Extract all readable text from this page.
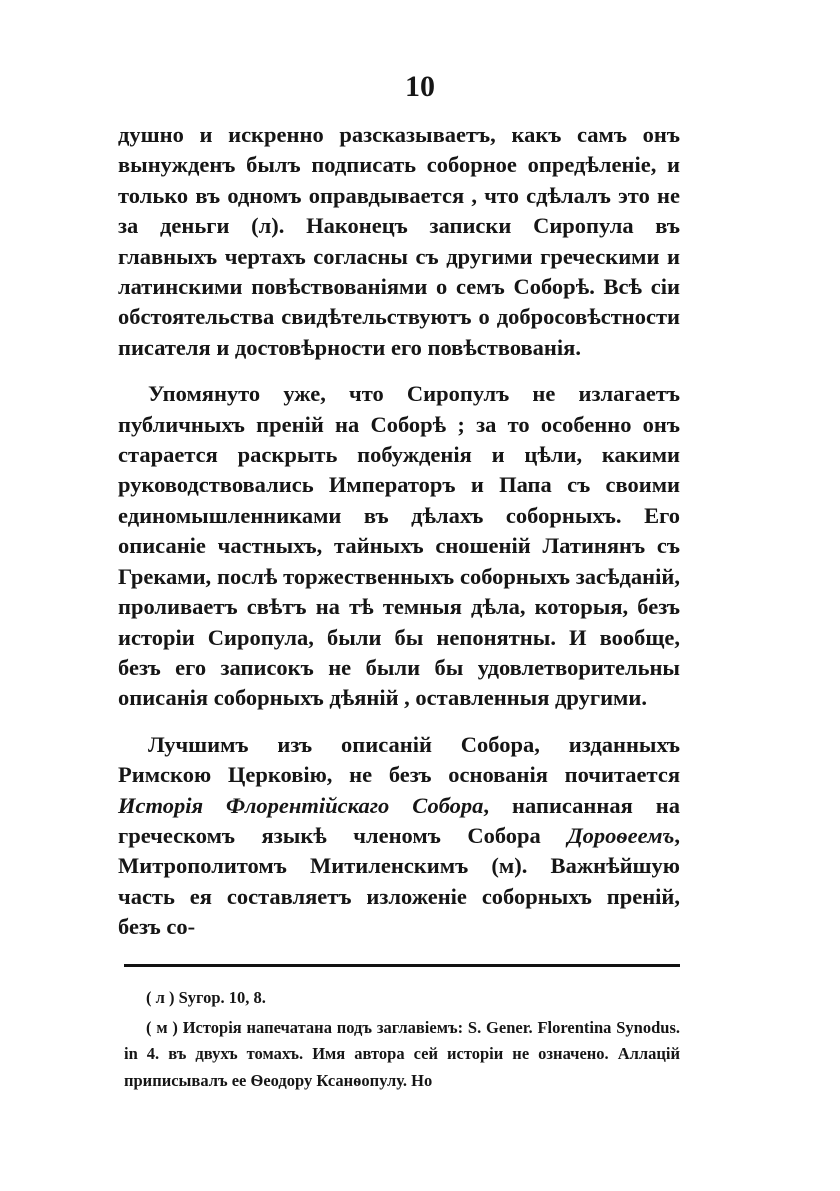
10

душно и искренно разсказываетъ, какъ самъ онъ вынужденъ былъ подписать соборное опредѣленіе, и только въ одномъ оправдывается , что сдѣлалъ это не за деньги (л). Наконецъ записки Сиропула въ главныхъ чертахъ согласны съ другими греческими и латинскими повѣствованіями о семъ Соборѣ. Всѣ сіи обстоятельства свидѣтельствуютъ о добросовѣстности писателя и достовѣрности его повѣствованія.

Упомянуто уже, что Сиропулъ не излагаетъ публичныхъ преній на Соборѣ ; за то особенно онъ старается раскрыть побужденія и цѣли, какими руководствовались Императоръ и Папа съ своими единомышленниками въ дѣлахъ соборныхъ. Его описаніе частныхъ, тайныхъ сношеній Латинянъ съ Греками, послѣ торжественныхъ соборныхъ засѣданій, проливаетъ свѣтъ на тѣ темныя дѣла, которыя, безъ исторіи Сиропула, были бы непонятны. И вообще, безъ его записокъ не были бы удовлетворительны описанія соборныхъ дѣяній , оставленныя другими.

Лучшимъ изъ описаній Собора, изданныхъ Римскою Церковію, не безъ основанія почитается Исторія Флорентійскаго Собора, написанная на греческомъ языкѣ членомъ Собора Дороѳеемъ, Митрополитомъ Митиленскимъ (м). Важнѣйшую часть ея составляетъ изложеніе соборныхъ преній, безъ со-

( л ) Sугор. 10, 8.

( м ) Исторія напечатана подъ заглавіемъ: S. Gener. Florentina Synodus. in 4. въ двухъ томахъ. Имя автора сей исторіи не означено. Аллацій приписывалъ ее Ѳеодору Ксанѳопулу. Но
